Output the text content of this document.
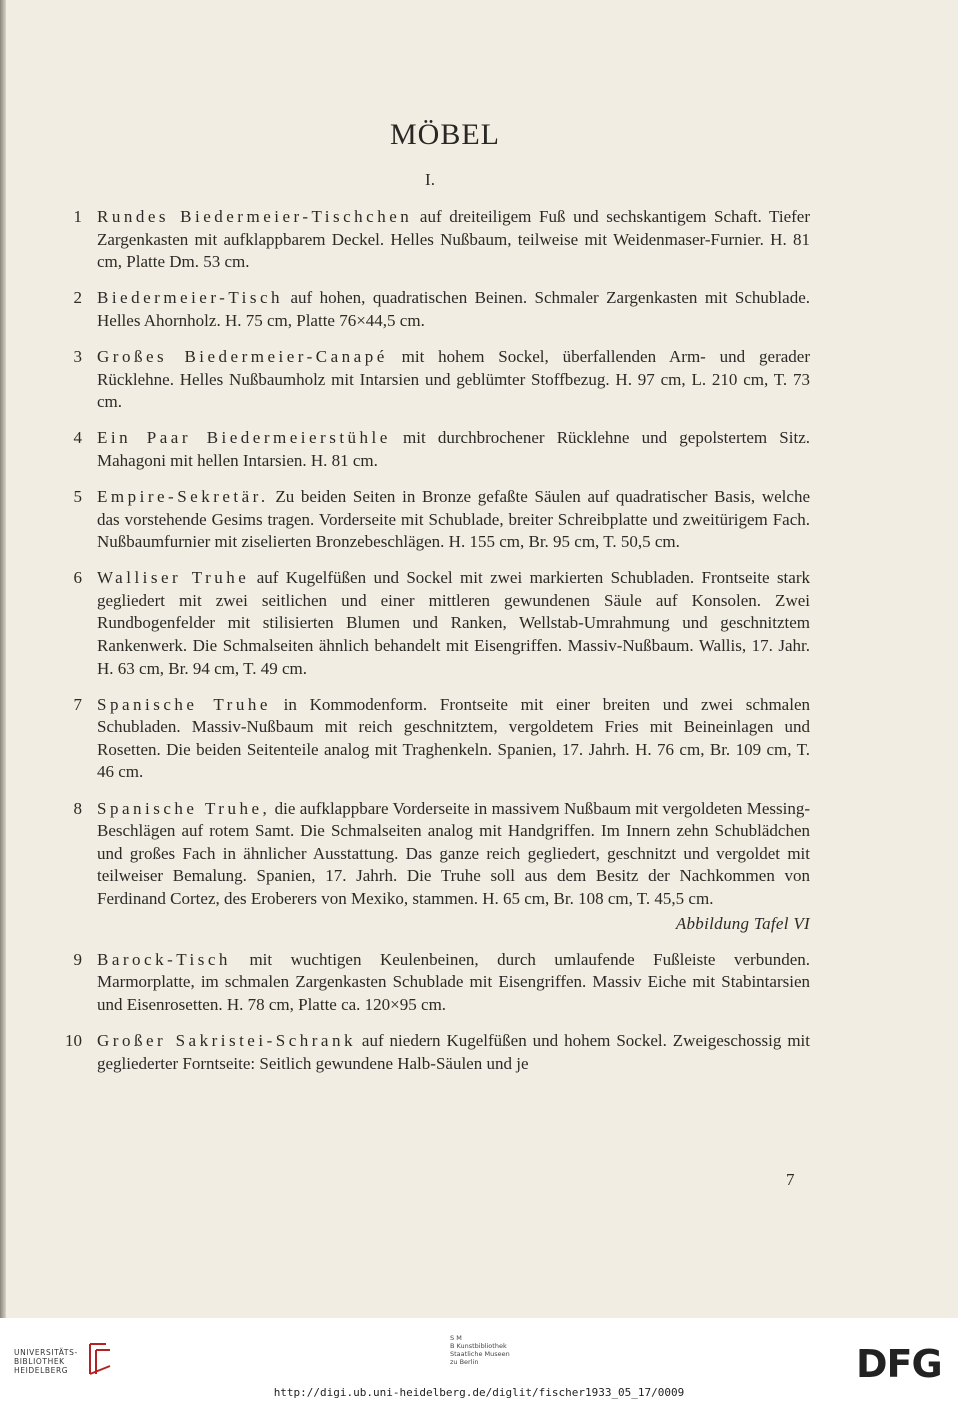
MÖBEL
I.
1 Rundes Biedermeier-Tischchen auf dreiteiligem Fuß und sechskantigem Schaft. Tiefer Zargenkasten mit aufklappbarem Deckel. Helles Nußbaum, teilweise mit Weidenmaser-Furnier. H. 81 cm, Platte Dm. 53 cm.
2 Biedermeier-Tisch auf hohen, quadratischen Beinen. Schmaler Zargenkasten mit Schublade. Helles Ahornholz. H. 75 cm, Platte 76×44,5 cm.
3 Großes Biedermeier-Canapé mit hohem Sockel, überfallenden Arm- und gerader Rücklehne. Helles Nußbaumholz mit Intarsien und geblümter Stoffbezug. H. 97 cm, L. 210 cm, T. 73 cm.
4 Ein Paar Biedermeierstühle mit durchbrochener Rücklehne und gepolstertem Sitz. Mahagoni mit hellen Intarsien. H. 81 cm.
5 Empire-Sekretär. Zu beiden Seiten in Bronze gefaßte Säulen auf quadratischer Basis, welche das vorstehende Gesims tragen. Vorderseite mit Schublade, breiter Schreibplatte und zweitürigem Fach. Nußbaumfurnier mit ziselierten Bronzebeschlägen. H. 155 cm, Br. 95 cm, T. 50,5 cm.
6 Walliser Truhe auf Kugelfüßen und Sockel mit zwei markierten Schubladen. Frontseite stark gegliedert mit zwei seitlichen und einer mittleren gewundenen Säule auf Konsolen. Zwei Rundbogenfelder mit stilisierten Blumen und Ranken, Wellstab-Umrahmung und geschnitztem Rankenwerk. Die Schmalseiten ähnlich behandelt mit Eisengriffen. Massiv-Nußbaum. Wallis, 17. Jahr. H. 63 cm, Br. 94 cm, T. 49 cm.
7 Spanische Truhe in Kommodenform. Frontseite mit einer breiten und zwei schmalen Schubladen. Massiv-Nußbaum mit reich geschnitztem, vergoldetem Fries mit Beineinlagen und Rosetten. Die beiden Seitenteile analog mit Traghenkeln. Spanien, 17. Jahrh. H. 76 cm, Br. 109 cm, T. 46 cm.
8 Spanische Truhe, die aufklappbare Vorderseite in massivem Nußbaum mit vergoldeten Messing-Beschlägen auf rotem Samt. Die Schmalseiten analog mit Handgriffen. Im Innern zehn Schublädchen und großes Fach in ähnlicher Ausstattung. Das ganze reich gegliedert, geschnitzt und vergoldet mit teilweiser Bemalung. Spanien, 17. Jahrh. Die Truhe soll aus dem Besitz der Nachkommen von Ferdinand Cortez, des Eroberers von Mexiko, stammen. H. 65 cm, Br. 108 cm, T. 45,5 cm.
Abbildung Tafel VI
9 Barock-Tisch mit wuchtigen Keulenbeinen, durch umlaufende Fußleiste verbunden. Marmorplatte, im schmalen Zargenkasten Schublade mit Eisengriffen. Massiv Eiche mit Stabintarsien und Eisenrosetten. H. 78 cm, Platte ca. 120×95 cm.
10 Großer Sakristei-Schrank auf niedern Kugelfüßen und hohem Sockel. Zweigeschossig mit gegliederter Forntseite: Seitlich gewundene Halb-Säulen und je
7
UNIVERSITÄTS-
BIBLIOTHEK
HEIDELBERG
S M
B Kunstbibliothek
Staatliche Museen
zu Berlin	DFG
http://digi.ub.uni-heidelberg.de/diglit/fischer1933_05_17/0009
